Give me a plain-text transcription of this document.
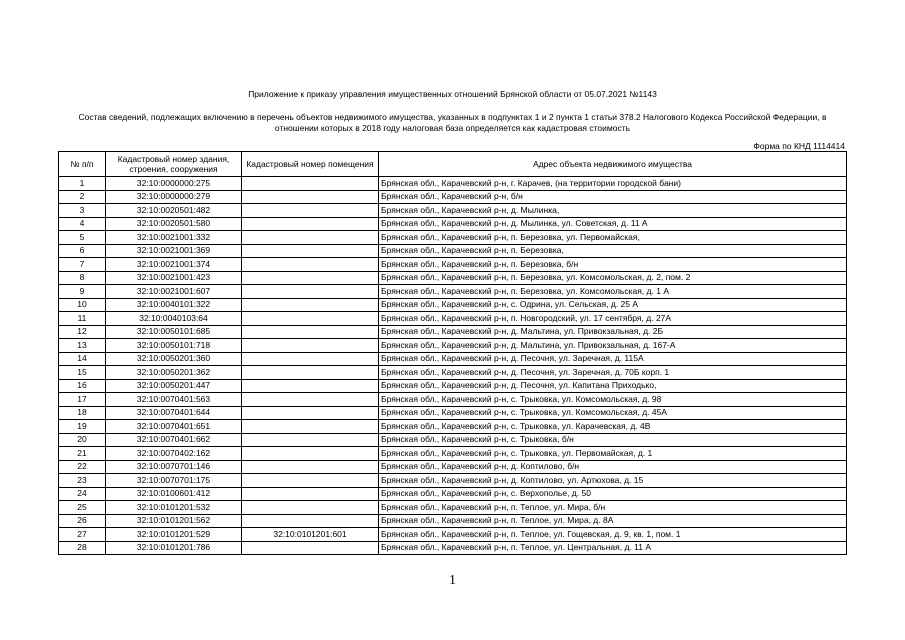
Приложение к приказу управления имущественных отношений Брянской области от 05.07.2021 №1143
Состав сведений, подлежащих включению в перечень объектов недвижимого имущества, указанных в подпунктах 1 и 2 пункта 1 статьи 378.2 Налогового Кодекса Российской Федерации, в отношении которых в 2018 году налоговая база определяется как кадастровая стоимость
Форма по КНД 1114414
№ п/п	Кадастровый номер здания, строения, сооружения	Кадастровый номер помещения	Адрес объекта недвижимого имущества
1	32:10:0000000:275		Брянская обл., Карачевский р-н, г. Карачев, (на территории городской бани)
2	32:10:0000000:279		Брянская обл., Карачевский р-н, б/н
3	32:10:0020501:482		Брянская обл., Карачевский р-н, д. Мылинка,
4	32:10:0020501:580		Брянская обл., Карачевский р-н, д. Мылинка, ул. Советская, д. 11 А
5	32:10:0021001:332		Брянская обл., Карачевский р-н, п. Березовка, ул. Первомайская,
6	32:10:0021001:369		Брянская обл., Карачевский р-н, п. Березовка,
7	32:10:0021001:374		Брянская обл., Карачевский р-н, п. Березовка, б/н
8	32:10:0021001:423		Брянская обл., Карачевский р-н, п. Березовка, ул. Комсомольская, д. 2, пом. 2
9	32:10:0021001:607		Брянская обл., Карачевский р-н, п. Березовка, ул. Комсомольская, д. 1 А
10	32:10:0040101:322		Брянская обл., Карачевский р-н, с. Одрина, ул. Сельская, д. 25 А
11	32:10:0040103:64		Брянская обл., Карачевский р-н, п. Новгородский, ул. 17 сентября, д. 27А
12	32:10:0050101:685		Брянская обл., Карачевский р-н, д. Мальтина, ул. Привокзальная, д. 2Б
13	32:10:0050101:718		Брянская обл., Карачевский р-н, д. Мальтина, ул. Привокзальная, д. 167-А
14	32:10:0050201:360		Брянская обл., Карачевский р-н, д. Песочня, ул. Заречная, д. 115А
15	32:10:0050201:362		Брянская обл., Карачевский р-н, д. Песочня, ул. Заречная, д. 70Б корп. 1
16	32:10:0050201:447		Брянская обл., Карачевский р-н, д. Песочня, ул. Капитана Приходько,
17	32:10:0070401:563		Брянская обл., Карачевский р-н, с. Трыковка, ул. Комсомольская, д. 98
18	32:10:0070401:644		Брянская обл., Карачевский р-н, с. Трыковка, ул. Комсомольская, д. 45А
19	32:10:0070401:651		Брянская обл., Карачевский р-н, с. Трыковка, ул. Карачевская, д. 4В
20	32:10:0070401:662		Брянская обл., Карачевский р-н, с. Трыковка, б/н
21	32:10:0070402:162		Брянская обл., Карачевский р-н, с. Трыковка, ул. Первомайская, д. 1
22	32:10:0070701:146		Брянская обл., Карачевский р-н, д. Коптилово, б/н
23	32:10:0070701:175		Брянская обл., Карачевский р-н, д. Коптилово, ул. Артюхова, д. 15
24	32:10:0100601:412		Брянская обл., Карачевский р-н, с. Верхополье, д. 50
25	32:10:0101201:532		Брянская обл., Карачевский р-н, п. Теплое, ул. Мира, б/н
26	32:10:0101201:562		Брянская обл., Карачевский р-н, п. Теплое, ул. Мира, д. 8А
27	32:10:0101201:529	32:10:0101201:601	Брянская обл., Карачевский р-н, п. Теплое, ул. Гощевская, д. 9, кв. 1, пом. 1
28	32:10:0101201:786		Брянская обл., Карачевский р-н, п. Теплое, ул. Центральная, д. 11 А
1
